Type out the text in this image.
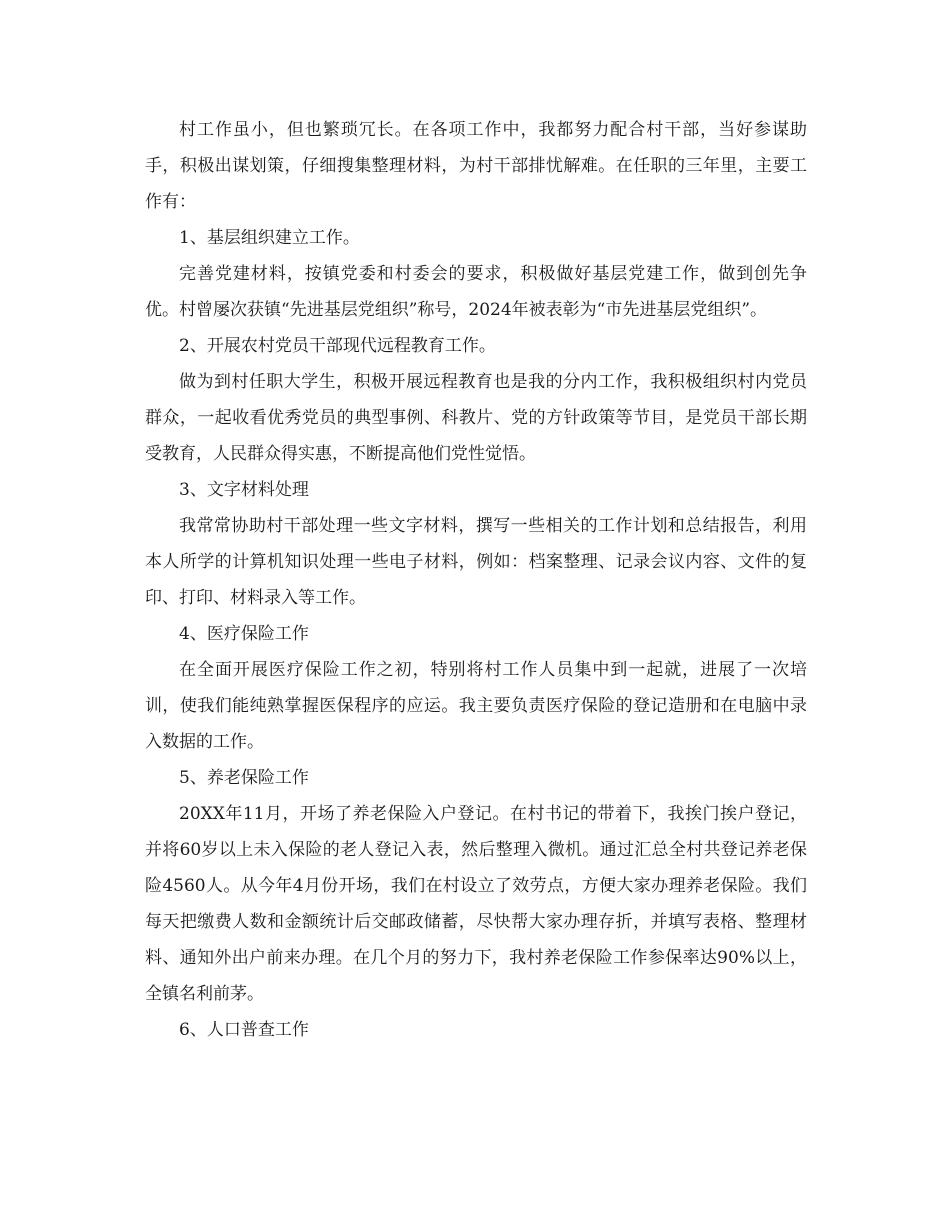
村工作虽小，但也繁琐冗长。在各项工作中，我都努力配合村干部，当好参谋助手，积极出谋划策，仔细搜集整理材料，为村干部排忧解难。在任职的三年里，主要工作有：

1、基层组织建立工作。

完善党建材料，按镇党委和村委会的要求，积极做好基层党建工作，做到创先争优。村曾屡次获镇“先进基层党组织”称号，2024年被表彰为“市先进基层党组织”。

2、开展农村党员干部现代远程教育工作。

做为到村任职大学生，积极开展远程教育也是我的分内工作，我积极组织村内党员群众，一起收看优秀党员的典型事例、科教片、党的方针政策等节目，是党员干部长期受教育，人民群众得实惠，不断提高他们党性觉悟。

3、文字材料处理

我常常协助村干部处理一些文字材料，撰写一些相关的工作计划和总结报告，利用本人所学的计算机知识处理一些电子材料，例如：档案整理、记录会议内容、文件的复印、打印、材料录入等工作。

4、医疗保险工作

在全面开展医疗保险工作之初，特别将村工作人员集中到一起就，进展了一次培训，使我们能纯熟掌握医保程序的应运。我主要负责医疗保险的登记造册和在电脑中录入数据的工作。

5、养老保险工作

20XX年11月，开场了养老保险入户登记。在村书记的带着下，我挨门挨户登记，并将60岁以上未入保险的老人登记入表，然后整理入微机。通过汇总全村共登记养老保险4560人。从今年4月份开场，我们在村设立了效劳点，方便大家办理养老保险。我们每天把缴费人数和金额统计后交邮政储蓄，尽快帮大家办理存折，并填写表格、整理材料、通知外出户前来办理。在几个月的努力下，我村养老保险工作参保率达90%以上，全镇名利前茅。

6、人口普查工作
